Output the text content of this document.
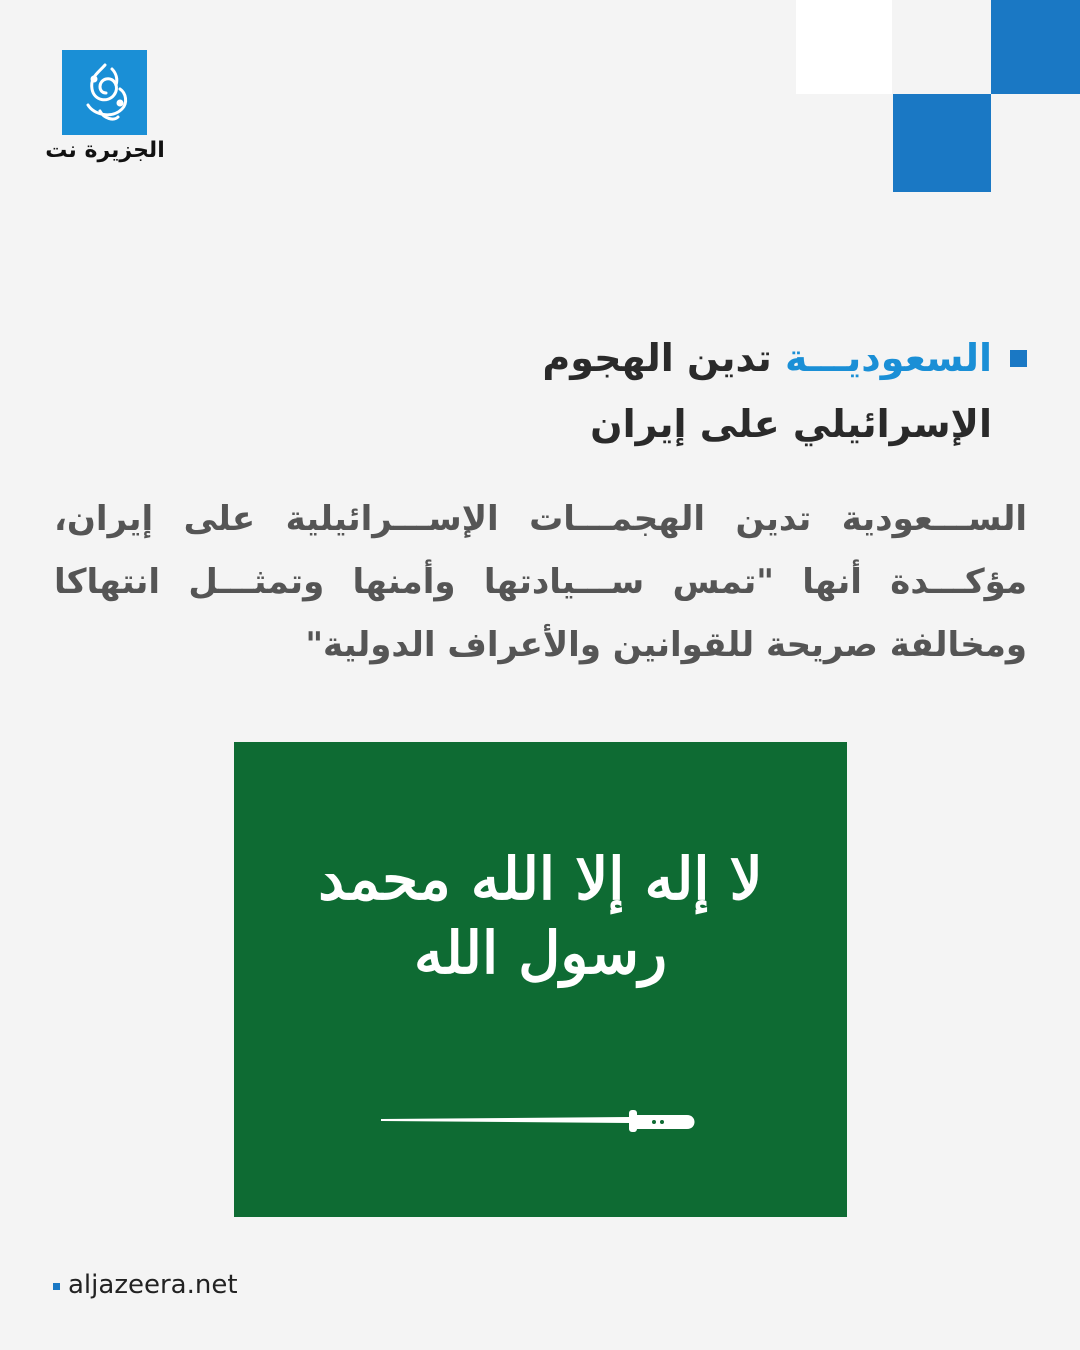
الجزيرة نت
السعوديـــة تدين الهجوم
الإسرائيلي على إيران
الســـعودية تدين الهجمـــات الإســـرائيلية على إيران، مؤكـــدة أنها "تمس ســـيادتها وأمنها وتمثـــل انتهاكا ومخالفة صريحة للقوانين والأعراف الدولية"
لا إله إلا الله محمد رسول الله
aljazeera.net
